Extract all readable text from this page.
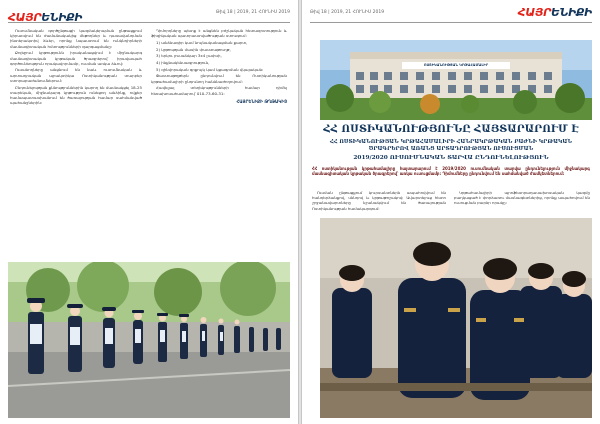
ՀԱՅՐԵՆԻՔԻ	Թիվ 18 | 2019, 21 ՀՈՒՆԻՍ 2019

Ուսումնական գործընթացի կազմակերպման ընթացքում կիրառվում են ժամանակակից մեթոդներ և դասավանդման ինտերակտիվ ձևեր, որոնք նպաստում են ունկնդիրների մասնագիտական հմտությունների զարգացմանը:

Քոլեջում կրթությունն իրականացվում է միջնակարգ մասնագիտական կրթական ծրագրերով՝ իրավապահ գործունեություն որակավորմամբ, ուսման առկա ձևով:

Ուսանողները անցնում են նաև ուսումնական և արտադրական պրակտիկա Ոստիկանության տարբեր ստորաբաժանումներում:

Ընդունելության քննություններին կարող են մասնակցել 18-25 տարեկան, միջնակարգ կրթություն ունեցող անձինք, ովքեր համապատասխանում են ծառայության համար սահմանված պահանջներին:

Դիմորդները պետք է անցնեն բժշկական հետազոտություն և ֆիզիկական պատրաստվածության ստուգում:

1) անձնագիր կամ նույնականացման քարտ,

2) կրթության մասին փաստաթուղթ,

3) երկու լուսանկար 3x4 չափսի,

4) ինքնակենսագրություն,

5) զինվորական գրքույկ կամ կցագրման վկայական:

Փաստաթղթերն ընդունվում են Ոստիկանության կրթահամալիրի ընդունող հանձնաժողովում:

Հավելյալ տեղեկությունների համար դիմել հեռախոսահամարով՝ 010-73-60-31:

ՀԱՅՐԵՆԻՔԻ ԹՂԹԱԿԻՑ
Թիվ 18 | 2019, 21 ՀՈՒՆԻՍ 2019	ՀԱՅՐԵՆԻՔԻ
ՈՍՏԻԿԱՆՈՒԹՅԱՆ ԿՐԹԱՀԱՄԱԼԻՐ
ՀՀ ՈՍՏԻԿԱՆՈՒԹՅՈՒՆԸ ՀԱՅՏԱՐԱՐՈՒՄ Է
ՀՀ ՈՍՏԻԿԱՆՈՒԹՅԱՆ ԿՐԹԱՀԱՄԱԼԻՐԻ ՀԱՆՐԱԿՐԹԱԿԱՆ ԲԱԺՆԻ ԿՐԹԱԿԱՆ ԾՐԱԳՐԵՐՈՎ ԱՌԱՆՑ ԱՐՏԱԴՐՈՒԹՅԱՆ ՈՒՍՈՒՑՄԱՆ
2019/2020 ՈՒՍՈՒՄՆԱԿԱՆ ՏԱՐՎԱ ԸՆԴՈՒՆԵԼՈՒԹՅՈՒՆ
ՀՀ ոստիկանության կրթահամալիրը հայտարարում է 2019/2020 ուսումնական տարվա ընդունելություն միջնակարգ մասնագիտական կրթական ծրագրերով՝ առկա ուսուցմամբ: Դիմումները ընդունվում են սահմանված ժամկետներում:

Ուսման ընթացքում կուրսանտներն ապահովվում են հանդերձանքով, սննդով և կրթաթոշակով: Ավարտելուց հետո շրջանավարտները նշանակվում են ծառայության Ոստիկանության համակարգում:

Կրթահամալիրի պրոֆեսորադասախոսական կազմը բաղկացած է փորձառու մասնագետներից, որոնք ապահովում են ուսուցման բարձր որակը:
